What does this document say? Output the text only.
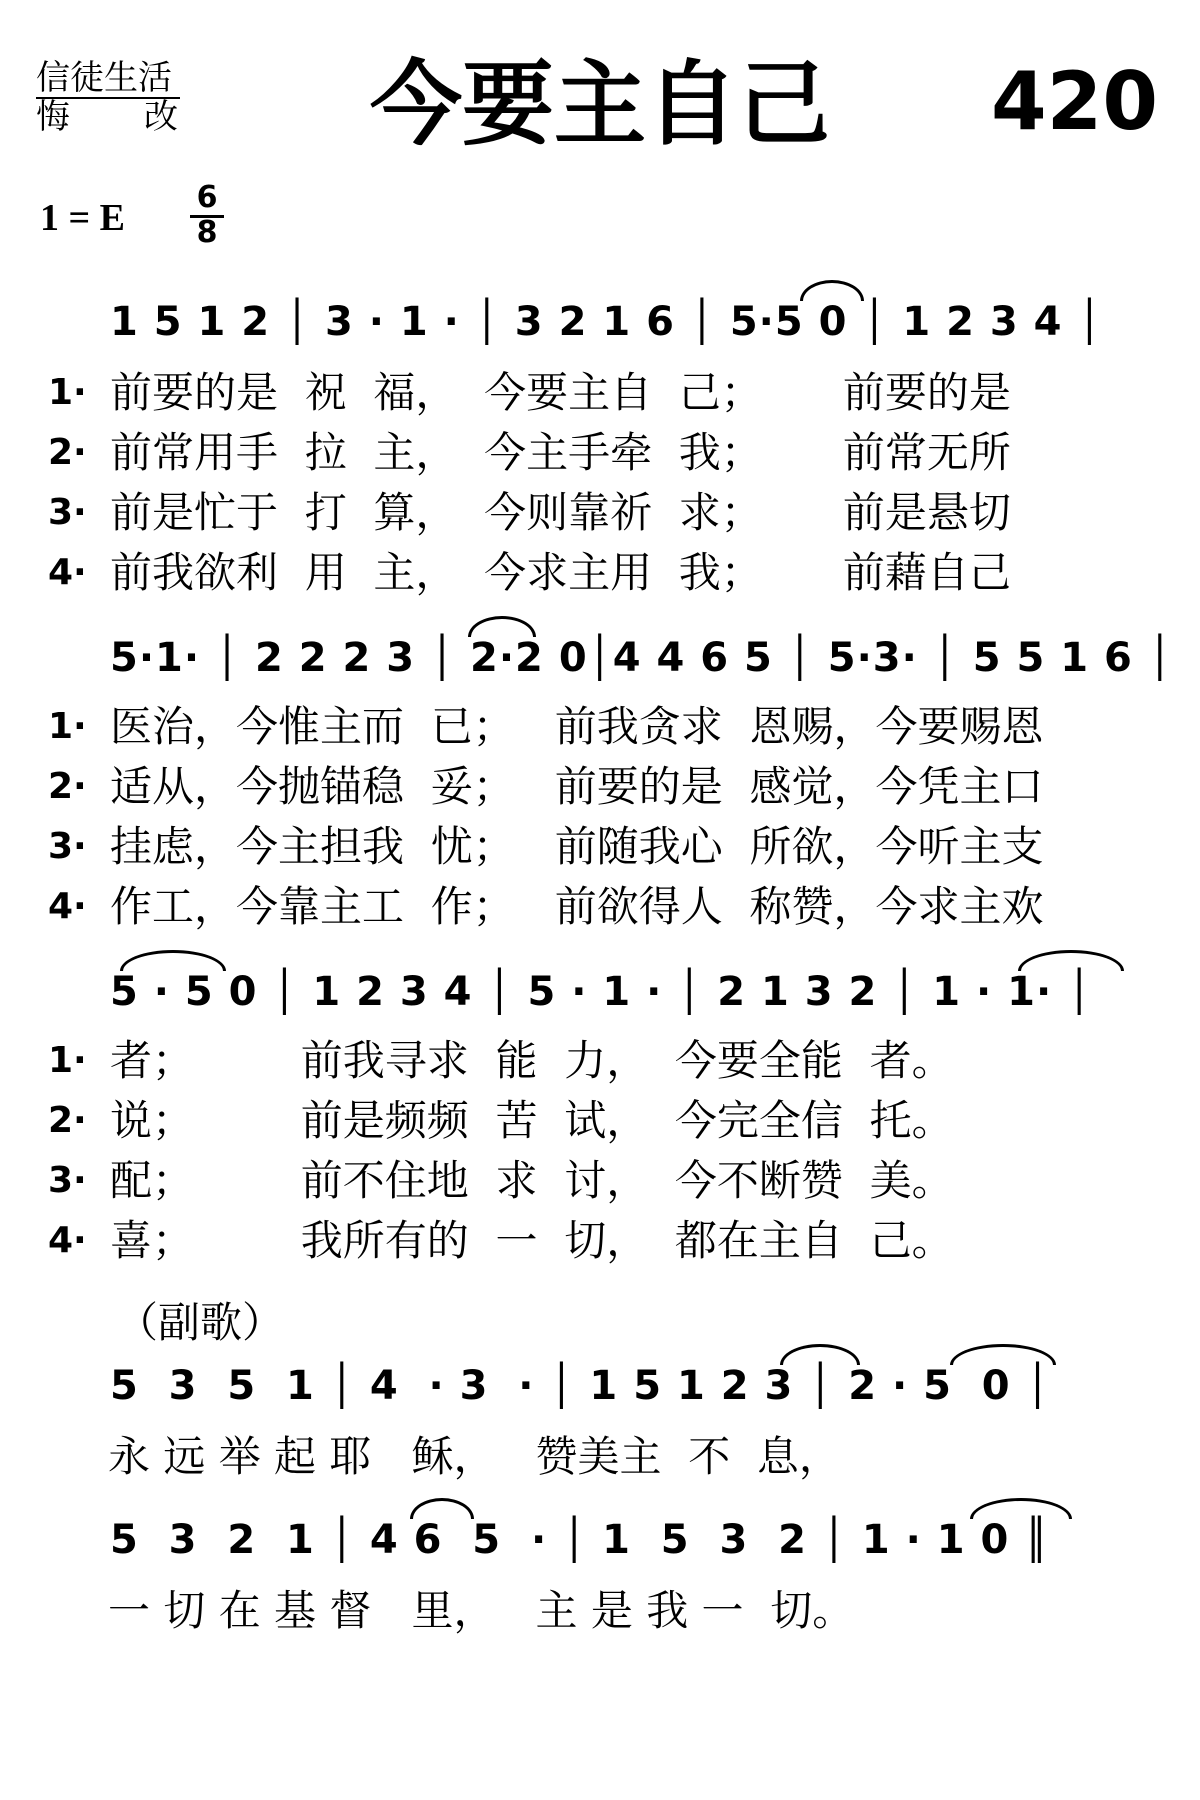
信徒生活
悔　　改	今要主自己	420
1 = E 6
8
1 5 1 2 │ 3 · 1 · │ 3 2 1 6 │ 5·5 0 │ 1 2 3 4 │
1· 前要的是  祝  福，  今要主自  己；      前要的是
2· 前常用手  拉  主，  今主手牵  我；      前常无所
3· 前是忙于  打  算，  今则靠祈  求；      前是悬切
4· 前我欲利  用  主，  今求主用  我；      前藉自己
5·1· │ 2 2 2 3 │ 2·2 0│4 4 6 5 │ 5·3· │ 5 5 1 6 │
1· 医治，今惟主而  已；   前我贪求  恩赐，今要赐恩
2· 适从，今抛锚稳  妥；   前要的是  感觉，今凭主口
3· 挂虑，今主担我  忧；   前随我心  所欲，今听主支
4· 作工，今靠主工  作；   前欲得人  称赞，今求主欢
5 · 5 0 │ 1 2 3 4 │ 5 · 1 · │ 2 1 3 2 │ 1 · 1· │
1· 者；        前我寻求  能  力，  今要全能  者。
2· 说；        前是频频  苦  试，  今完全信  托。
3· 配；        前不住地  求  讨，  今不断赞  美。
4· 喜；        我所有的  一  切，  都在主自  己。
（副歌）
5  3  5  1 │ 4  · 3  · │ 1 5 1 2 3 │ 2 · 5  0 │
永 远 举 起 耶   稣，   赞美主  不  息，
5  3  2  1 │ 4 6  5  · │ 1  5  3  2 │ 1 · 1 0 ║
一 切 在 基 督   里，   主 是 我 一  切。
